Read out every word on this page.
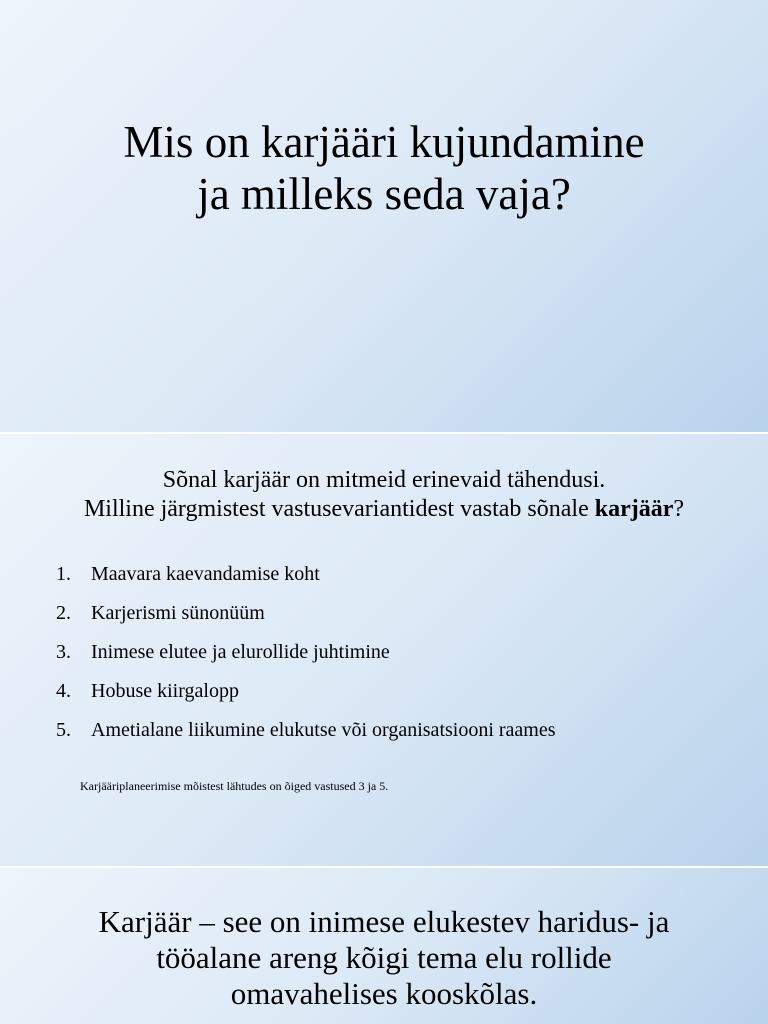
Mis on karjääri kujundamine
ja milleks seda vaja?
Sõnal karjäär on mitmeid erinevaid tähendusi.
Milline järgmistest vastusevariantidest vastab sõnale karjäär?
1.	Maavara kaevandamise koht
2.	Karjerismi sünonüüm
3.	Inimese elutee ja elurollide juhtimine
4.	Hobuse kiirgalopp
5.	Ametialane liikumine elukutse või organisatsiooni raames
Karjääriplaneerimise mõistest lähtudes on õiged vastused 3 ja 5.
Karjäär – see on inimese elukestev haridus- ja
tööalane areng kõigi tema elu rollide
omavahelises kooskõlas.
